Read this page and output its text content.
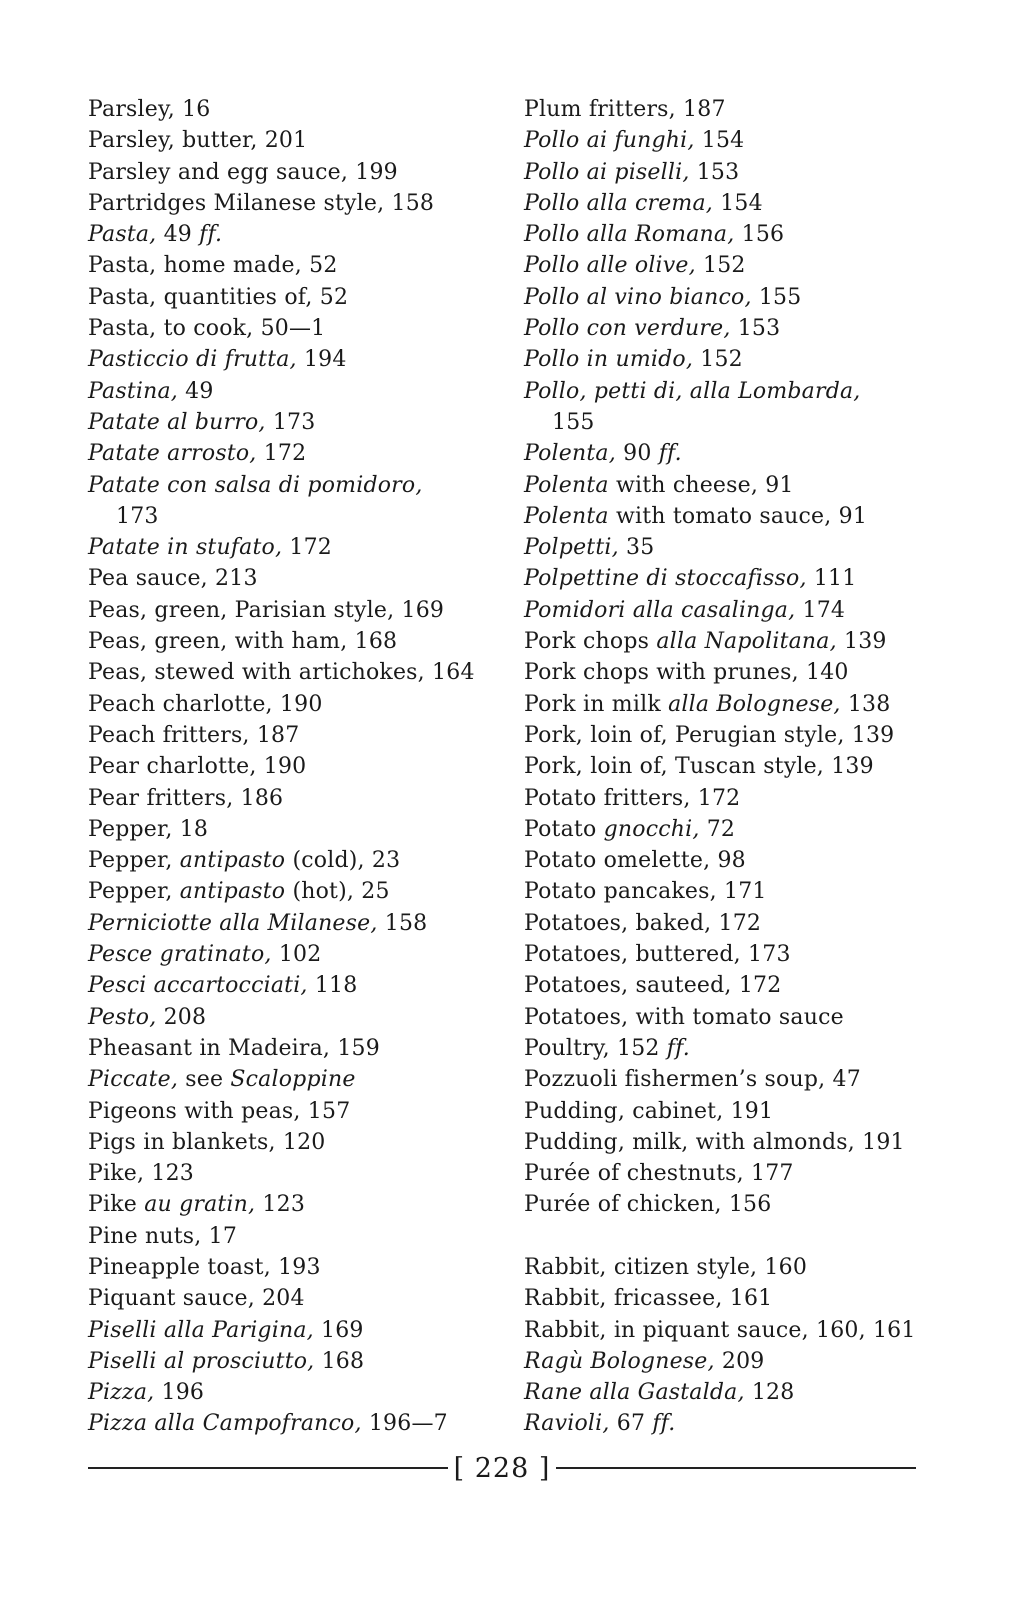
Parsley, 16
Parsley, butter, 201
Parsley and egg sauce, 199
Partridges Milanese style, 158
Pasta, 49 ff.
Pasta, home made, 52
Pasta, quantities of, 52
Pasta, to cook, 50—1
Pasticcio di frutta, 194
Pastina, 49
Patate al burro, 173
Patate arrosto, 172
Patate con salsa di pomidoro,
173
Patate in stufato, 172
Pea sauce, 213
Peas, green, Parisian style, 169
Peas, green, with ham, 168
Peas, stewed with artichokes, 164
Peach charlotte, 190
Peach fritters, 187
Pear charlotte, 190
Pear fritters, 186
Pepper, 18
Pepper, antipasto (cold), 23
Pepper, antipasto (hot), 25
Perniciotte alla Milanese, 158
Pesce gratinato, 102
Pesci accartocciati, 118
Pesto, 208
Pheasant in Madeira, 159
Piccate, see Scaloppine
Pigeons with peas, 157
Pigs in blankets, 120
Pike, 123
Pike au gratin, 123
Pine nuts, 17
Pineapple toast, 193
Piquant sauce, 204
Piselli alla Parigina, 169
Piselli al prosciutto, 168
Pizza, 196
Pizza alla Campofranco, 196—7
Plum fritters, 187
Pollo ai funghi, 154
Pollo ai piselli, 153
Pollo alla crema, 154
Pollo alla Romana, 156
Pollo alle olive, 152
Pollo al vino bianco, 155
Pollo con verdure, 153
Pollo in umido, 152
Pollo, petti di, alla Lombarda,
155
Polenta, 90 ff.
Polenta with cheese, 91
Polenta with tomato sauce, 91
Polpetti, 35
Polpettine di stoccafisso, 111
Pomidori alla casalinga, 174
Pork chops alla Napolitana, 139
Pork chops with prunes, 140
Pork in milk alla Bolognese, 138
Pork, loin of, Perugian style, 139
Pork, loin of, Tuscan style, 139
Potato fritters, 172
Potato gnocchi, 72
Potato omelette, 98
Potato pancakes, 171
Potatoes, baked, 172
Potatoes, buttered, 173
Potatoes, sauteed, 172
Potatoes, with tomato sauce
Poultry, 152 ff.
Pozzuoli fishermen’s soup, 47
Pudding, cabinet, 191
Pudding, milk, with almonds, 191
Purée of chestnuts, 177
Purée of chicken, 156
Rabbit, citizen style, 160
Rabbit, fricassee, 161
Rabbit, in piquant sauce, 160, 161
Ragù Bolognese, 209
Rane alla Gastalda, 128
Ravioli, 67 ff.
[ 228 ]
